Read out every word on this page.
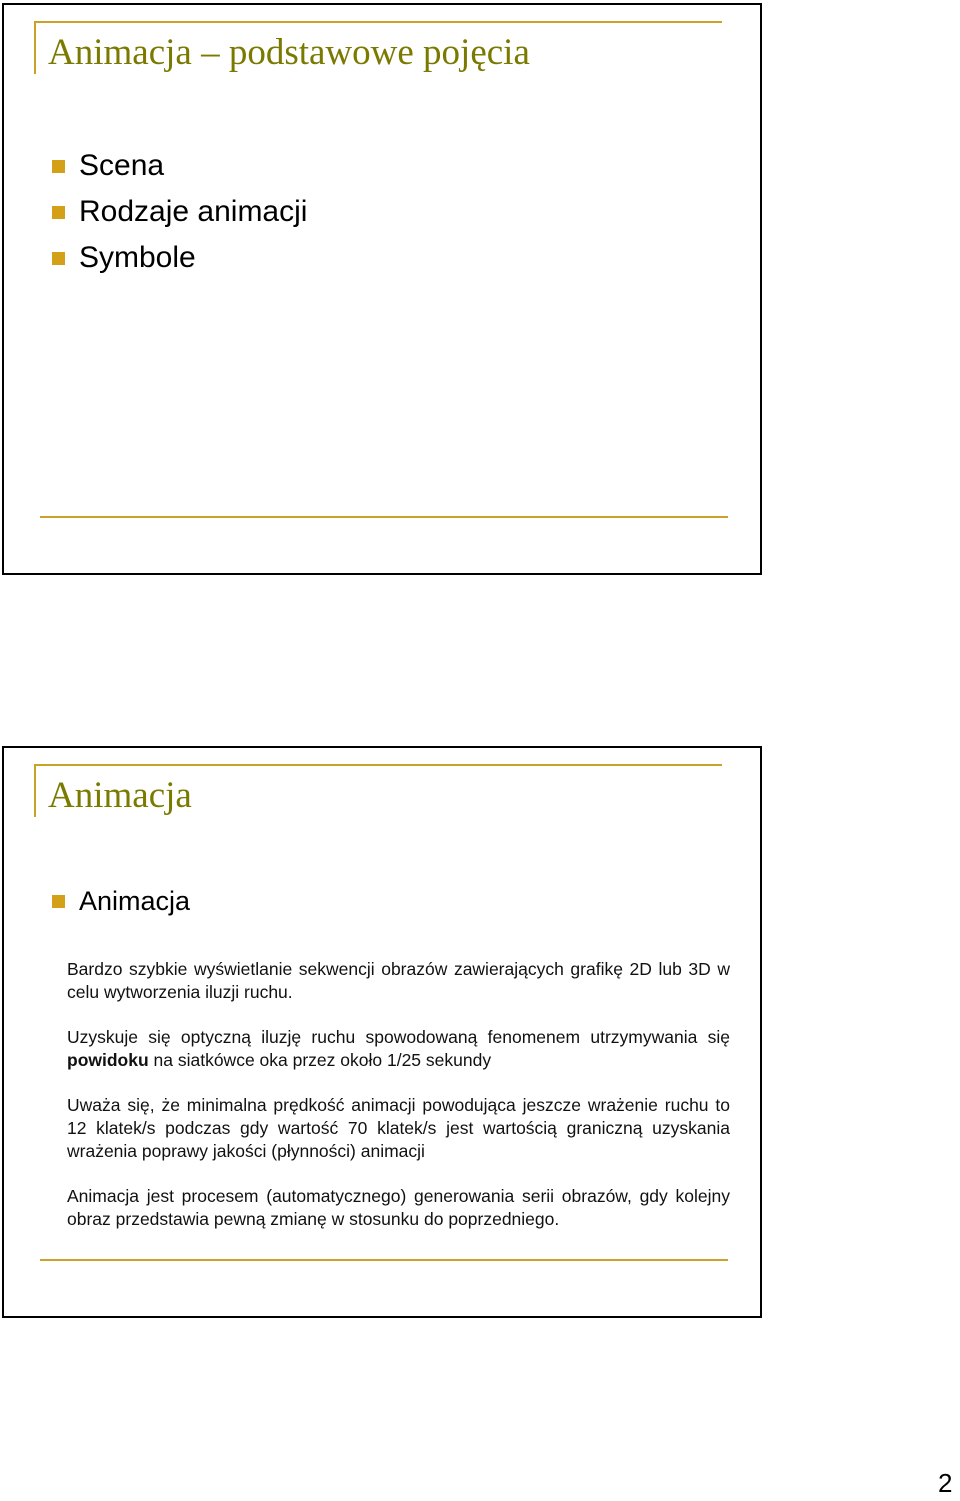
Animacja – podstawowe pojęcia
Scena
Rodzaje animacji
Symbole
Animacja
Animacja

Bardzo szybkie wyświetlanie sekwencji obrazów zawierających grafikę 2D lub 3D w celu wytworzenia iluzji ruchu.

Uzyskuje się optyczną iluzję ruchu spowodowaną fenomenem utrzymywania się powidoku na siatkówce oka przez około 1/25 sekundy

Uważa się, że minimalna prędkość animacji powodująca jeszcze wrażenie ruchu to 12 klatek/s podczas gdy wartość 70 klatek/s jest wartością graniczną uzyskania wrażenia poprawy jakości (płynności) animacji

Animacja jest procesem (automatycznego) generowania serii obrazów, gdy kolejny obraz przedstawia pewną zmianę w stosunku do poprzedniego.

2
